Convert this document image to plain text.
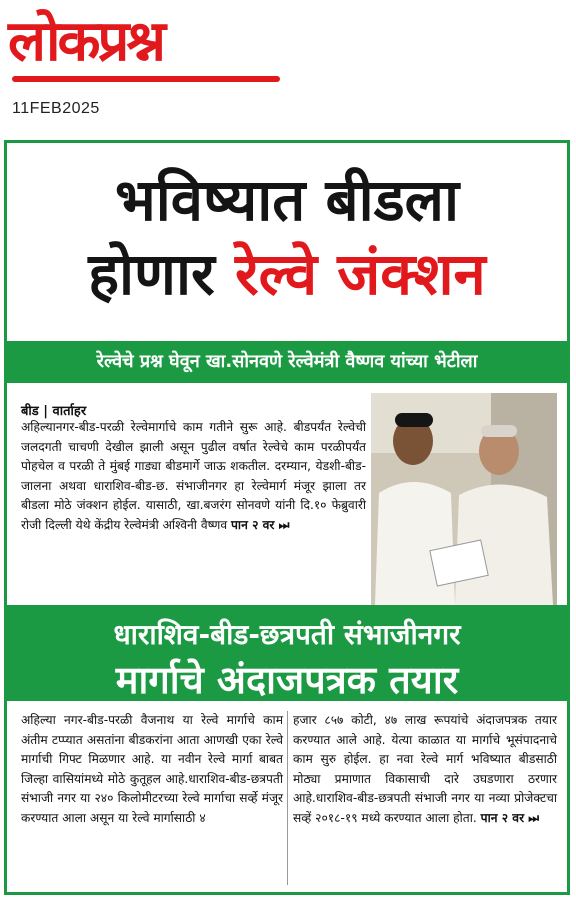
लोकप्रश्न
11FEB2025
भविष्यात बीडला
होणार रेल्वे जंक्शन
रेल्वेचे प्रश्न घेवून खा.सोनवणे रेल्वेमंत्री वैष्णव यांच्या भेटीला
बीड | वार्ताहर
अहिल्यानगर-बीड-परळी रेल्वेमार्गाचे काम गतीने सुरू आहे. बीडपर्यंत रेल्वेची जलदगती चाचणी देखील झाली असून पुढील वर्षात रेल्वेचे काम परळीपर्यंत पोहचेल व परळी ते मुंबई गाड्या बीडमार्गे जाऊ शकतील. दरम्यान, येडशी-बीड-जालना अथवा धाराशिव-बीड-छ. संभाजीनगर हा रेल्वेमार्ग मंजूर झाला तर बीडला मोठे जंक्शन होईल. यासाठी, खा.बजरंग सोनवणे यांनी दि.१० फेब्रुवारी रोजी दिल्ली येथे केंद्रीय रेल्वेमंत्री अश्विनी वैष्णव पान २ वर ⏭
धाराशिव-बीड-छत्रपती संभाजीनगर
मार्गाचे अंदाजपत्रक तयार
अहिल्या नगर-बीड-परळी वैजनाथ या रेल्वे मार्गाचे काम अंतीम टप्प्यात असतांना बीडकरांना आता आणखी एका रेल्वे मार्गाची गिफ्ट मिळणार आहे. या नवीन रेल्वे मार्गा बाबत जिल्हा वासियांमध्ये मोठे कुतूहल आहे.धाराशिव-बीड-छत्रपती संभाजी नगर या २४० किलोमीटरच्या रेल्वे मार्गाचा सर्व्हे मंजूर करण्यात आला असून या रेल्वे मार्गासाठी ४
हजार ८५७ कोटी, ४७ लाख रूपयांचे अंदाजपत्रक तयार करण्यात आले आहे. येत्या काळात या मार्गाचे भूसंपादनाचे काम सुरु होईल. हा नवा रेल्वे मार्ग भविष्यात बीडसाठी मोठ्या प्रमाणात विकासाची दारे उघडणारा ठरणार आहे.धाराशिव-बीड-छत्रपती संभाजी नगर या नव्या प्रोजेक्टचा सव्हें २०१८-१९ मध्ये करण्यात आला होता. पान २ वर ⏭
